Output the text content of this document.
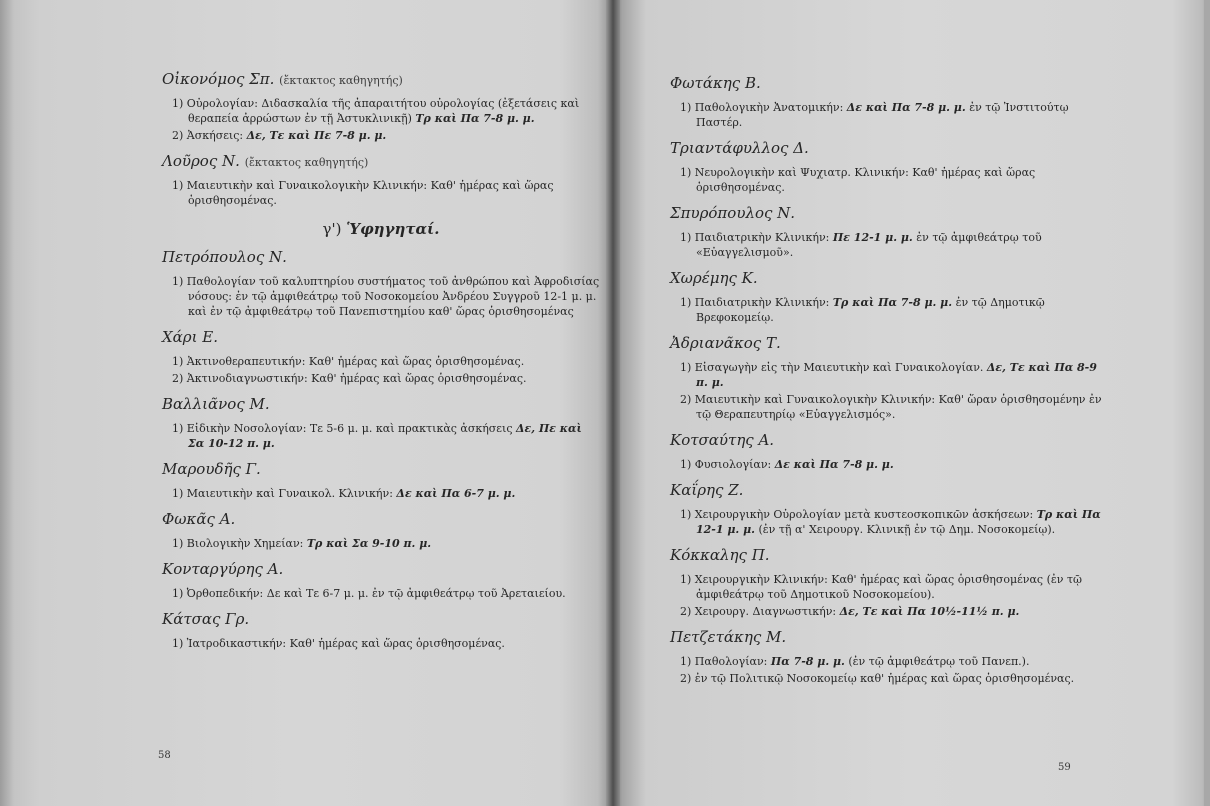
Οἰκονόμος Σπ. (ἔκτακτος καθηγητής)
1) Οὐρολογίαν: Διδασκαλία τῆς ἀπαραιτήτου οὐρολογίας (ἐξετάσεις καὶ θεραπεία ἀρρώστων ἐν τῇ Ἀστυκλινικῇ) Τρ καὶ Πα 7-8 μ. μ.
2) Ἀσκήσεις: Δε, Τε καὶ Πε 7-8 μ. μ.
Λοῦρος Ν. (ἔκτακτος καθηγητής)
1) Μαιευτικὴν καὶ Γυναικολογικὴν Κλινικήν: Καθ' ἡμέρας καὶ ὥρας ὁρισθησομένας.
γ') Ὑφηγηταί.
Πετρόπουλος Ν.
1) Παθολογίαν τοῦ καλυπτηρίου συστήματος τοῦ ἀνθρώπου καὶ Ἀφροδισίας νόσους: ἐν τῷ ἀμφιθεάτρῳ τοῦ Νοσοκομείου Ἀνδρέου Συγγροῦ 12-1 μ. μ. καὶ ἐν τῷ ἀμφιθεάτρῳ τοῦ Πανεπιστημίου καθ' ὥρας ὁρισθησομένας
Χάρι Ε.
1) Ἀκτινοθεραπευτικήν: Καθ' ἡμέρας καὶ ὥρας ὁρισθησομένας.
2) Ἀκτινοδιαγνωστικήν: Καθ' ἡμέρας καὶ ὥρας ὁρισθησομένας.
Βαλλιᾶνος Μ.
1) Εἰδικὴν Νοσολογίαν: Τε 5-6 μ. μ. καὶ πρακτικὰς ἀσκήσεις Δε, Πε καὶ Σα 10-12 π. μ.
Μαρουδῆς Γ.
1) Μαιευτικὴν καὶ Γυναικολ. Κλινικήν: Δε καὶ Πα 6-7 μ. μ.
Φωκᾶς Α.
1) Βιολογικὴν Χημείαν: Τρ καὶ Σα 9-10 π. μ.
Κονταργύρης Α.
1) Ὀρθοπεδικήν: Δε καὶ Τε 6-7 μ. μ. ἐν τῷ ἀμφιθεάτρῳ τοῦ Ἀρεταιείου.
Κάτσας Γρ.
1) Ἰατροδικαστικήν: Καθ' ἡμέρας καὶ ὥρας ὁρισθησομένας.
58
Φωτάκης Β.
1) Παθολογικὴν Ἀνατομικήν: Δε καὶ Πα 7-8 μ. μ. ἐν τῷ Ἰνστιτούτῳ Παστέρ.
Τριαντάφυλλος Δ.
1) Νευρολογικὴν καὶ Ψυχιατρ. Κλινικήν: Καθ' ἡμέρας καὶ ὥρας ὁρισθησομένας.
Σπυρόπουλος Ν.
1) Παιδιατρικὴν Κλινικήν: Πε 12-1 μ. μ. ἐν τῷ ἀμφιθεάτρῳ τοῦ «Εὐαγγελισμοῦ».
Χωρέμης Κ.
1) Παιδιατρικὴν Κλινικήν: Τρ καὶ Πα 7-8 μ. μ. ἐν τῷ Δημοτικῷ Βρεφοκομείῳ.
Ἀδριανᾶκος Τ.
1) Εἰσαγωγὴν εἰς τὴν Μαιευτικὴν καὶ Γυναικολογίαν. Δε, Τε καὶ Πα 8-9 π. μ.
2) Μαιευτικὴν καὶ Γυναικολογικὴν Κλινικήν: Καθ' ὥραν ὁρισθησομένην ἐν τῷ Θεραπευτηρίῳ «Εὐαγγελισμός».
Κοτσαύτης Α.
1) Φυσιολογίαν: Δε καὶ Πα 7-8 μ. μ.
Καΐρης Ζ.
1) Χειρουργικὴν Οὐρολογίαν μετὰ κυστεοσκοπικῶν ἀσκήσεων: Τρ καὶ Πα 12-1 μ. μ. (ἐν τῇ α' Χειρουργ. Κλινικῇ ἐν τῷ Δημ. Νοσοκομείῳ).
Κόκκαλης Π.
1) Χειρουργικὴν Κλινικήν: Καθ' ἡμέρας καὶ ὥρας ὁρισθησομένας (ἐν τῷ ἀμφιθεάτρῳ τοῦ Δημοτικοῦ Νοσοκομείου).
2) Χειρουργ. Διαγνωστικήν: Δε, Τε καὶ Πα 10½-11½ π. μ.
Πετζετάκης Μ.
1) Παθολογίαν: Πα 7-8 μ. μ. (ἐν τῷ ἀμφιθεάτρῳ τοῦ Πανεπ.).
2) ἐν τῷ Πολιτικῷ Νοσοκομείῳ καθ' ἡμέρας καὶ ὥρας ὁρισθησομένας.
59
